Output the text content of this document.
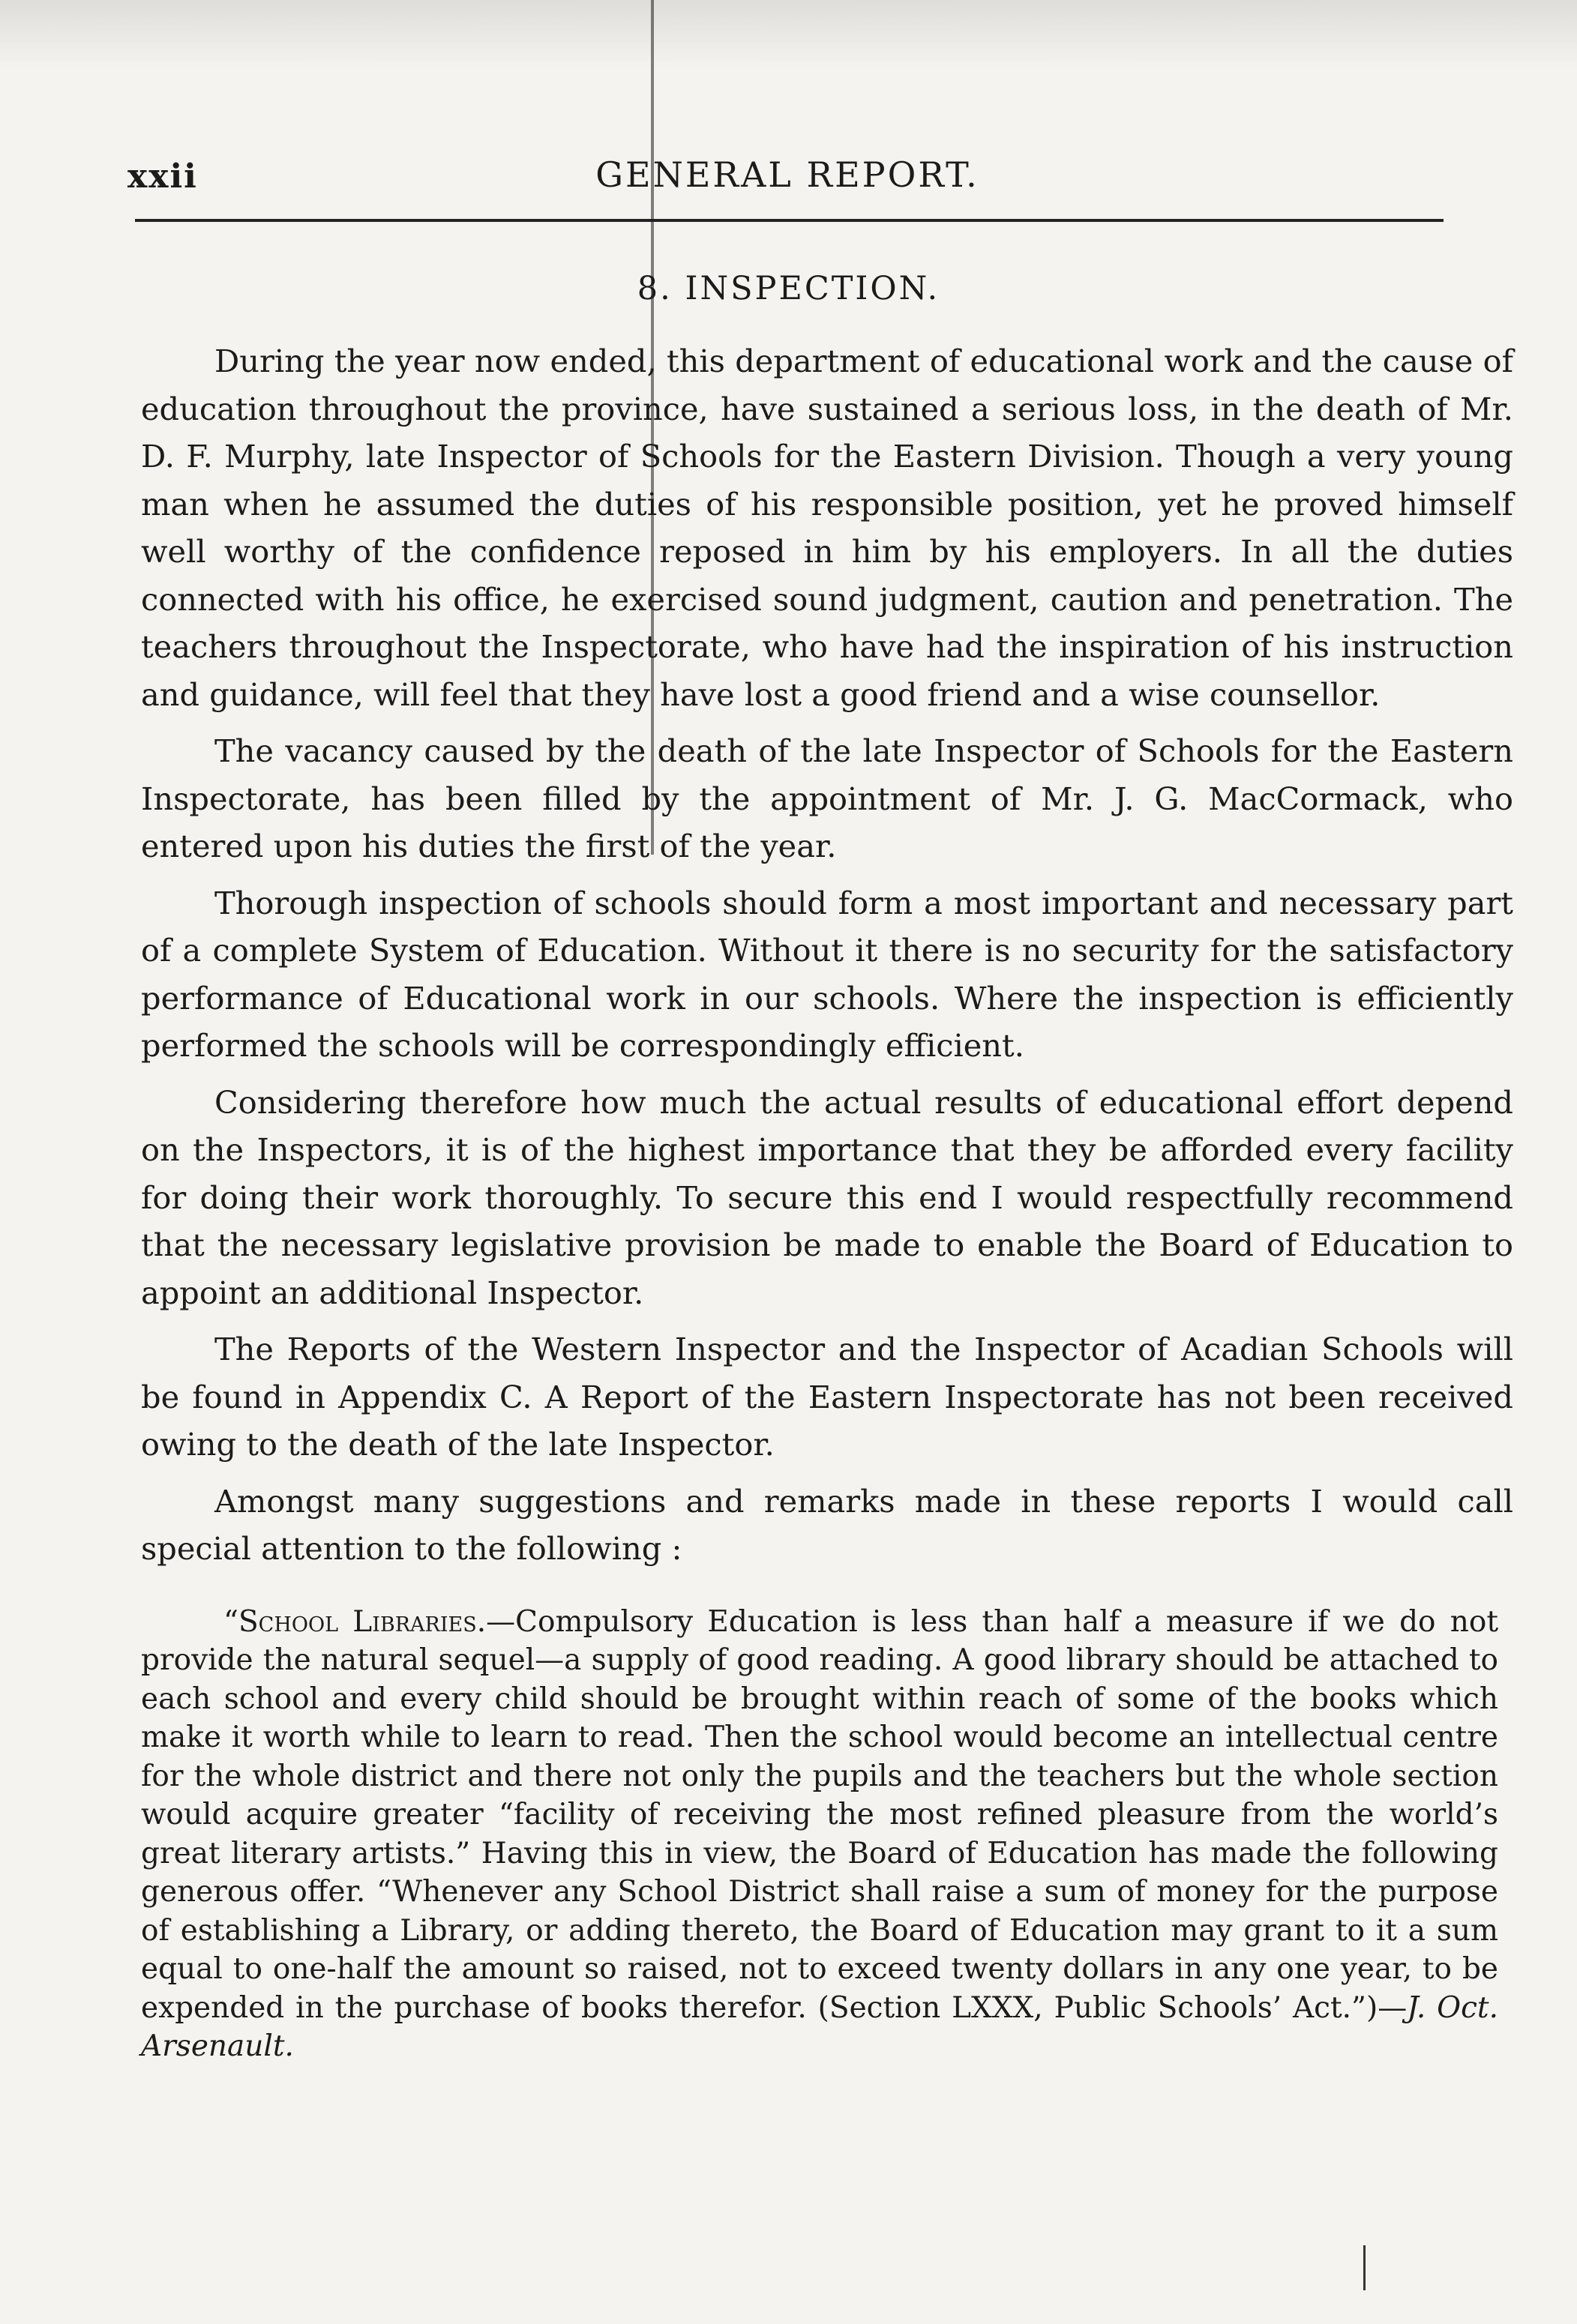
xxii	GENERAL REPORT.
8. INSPECTION.

During the year now ended, this department of educational work and the cause of education throughout the province, have sustained a serious loss, in the death of Mr. D. F. Murphy, late Inspector of Schools for the Eastern Division. Though a very young man when he assumed the duties of his responsible position, yet he proved himself well worthy of the confidence reposed in him by his employers. In all the duties connected with his office, he exercised sound judgment, caution and penetration. The teachers throughout the Inspectorate, who have had the inspiration of his instruction and guidance, will feel that they have lost a good friend and a wise counsellor.

The vacancy caused by the death of the late Inspector of Schools for the Eastern Inspectorate, has been filled by the appointment of Mr. J. G. MacCormack, who entered upon his duties the first of the year.

Thorough inspection of schools should form a most important and necessary part of a complete System of Education. Without it there is no security for the satisfactory performance of Educational work in our schools. Where the inspection is efficiently performed the schools will be correspondingly efficient.

Considering therefore how much the actual results of educational effort depend on the Inspectors, it is of the highest importance that they be afforded every facility for doing their work thoroughly. To secure this end I would respectfully recommend that the necessary legislative provision be made to enable the Board of Education to appoint an additional Inspector.

The Reports of the Western Inspector and the Inspector of Acadian Schools will be found in Appendix C. A Report of the Eastern Inspectorate has not been received owing to the death of the late Inspector.

Amongst many suggestions and remarks made in these reports I would call special attention to the following :

“School Libraries.—Compulsory Education is less than half a measure if we do not provide the natural sequel—a supply of good reading. A good library should be attached to each school and every child should be brought within reach of some of the books which make it worth while to learn to read. Then the school would become an intellectual centre for the whole district and there not only the pupils and the teachers but the whole section would acquire greater “facility of receiving the most refined pleasure from the world’s great literary artists.” Having this in view, the Board of Education has made the following generous offer. “Whenever any School District shall raise a sum of money for the purpose of establishing a Library, or adding thereto, the Board of Education may grant to it a sum equal to one-half the amount so raised, not to exceed twenty dollars in any one year, to be expended in the purchase of books therefor. (Section LXXX, Public Schools’ Act.”)—J. Oct. Arsenault.
